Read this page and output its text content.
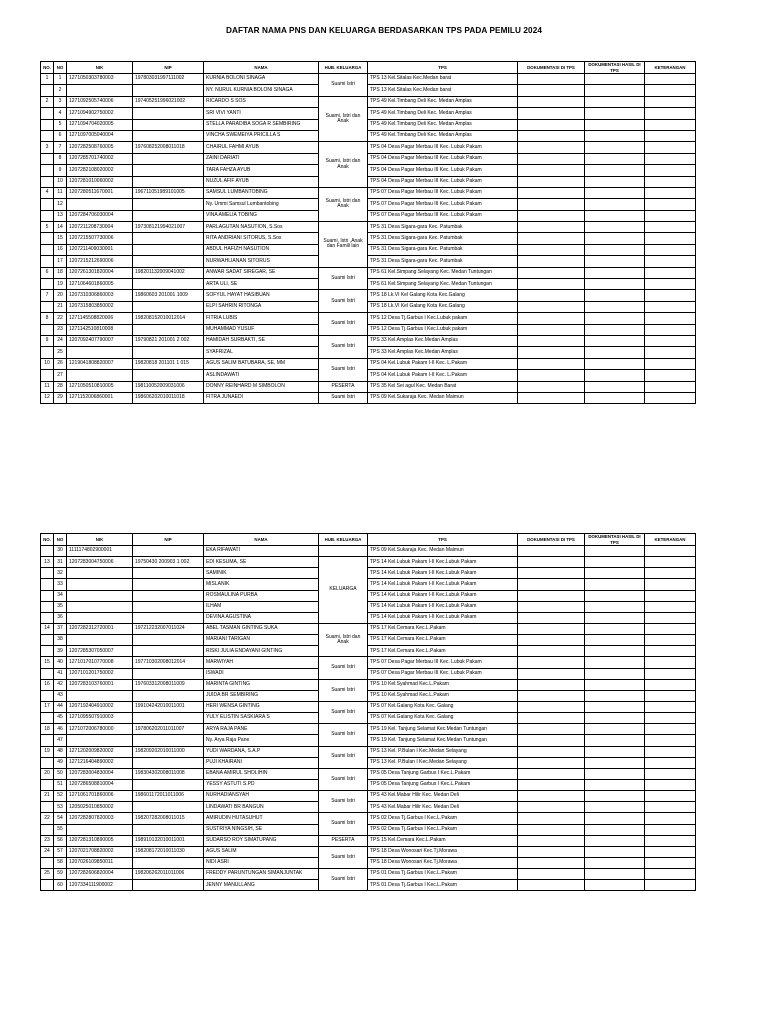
DAFTAR NAMA PNS DAN KELUARGA BERDASARKAN TPS PADA PEMILU 2024
NO.	NO	NIK	NIP	NAMA	HUB. KELUARGA	TPS	DOKUMENTASI DI TPS	DOKUMENTASI HASIL DI TPS	KETERANGAN
1	1	1271050303780003	197803031997111002	KURNIA BOLONI SINAGA	Suami Istri	TPS 13 Kel.Sitalas Kec.Medan barat			
	2			NY. NURUL KURNIA BOLONI SINAGA		TPS 13 Kel.Sitalas Kec.Medan barat			
2	3	1271092505740006	197405251996021002	RICARDO S SOS	Suami, Istri dan Anak	TPS 49 Kel.Timbang Deli Kec. Medan Amplas			
	4	1271094902750002		SRI VIVI YANTI		TPS 49 Kel.Timbang Deli Kec. Medan Amplas			
	5	1271094704020005		STELLA PARADIBA SOGA R SEMBIRING		TPS 49 Kel.Timbang Deli Kec. Medan Amplas			
	6	1271097005040004		VINCHA SWEMEIYA PRICILLA S		TPS 49 Kel.Timbang Deli Kec. Medan Amplas			
3	7	1207282508760005	197608252008011018	CHAIRUL FAHMI AYUB	Suami, Istri dan Anak	TPS 04 Desa Pagar Merbau III Kec. Lubuk Pakam			
	8	1207285701740002		ZAINI DARIATI		TPS 04 Desa Pagar Merbau III Kec. Lubuk Pakam			
	9	1207282108020002		TARA FAHZA AYUB		TPS 04 Desa Pagar Merbau III Kec. Lubuk Pakam			
	10	1207281010060002		NUZUL AFIF AYUB		TPS 04 Desa Pagar Merbau III Kec. Lubuk Pakam			
4	11	1207280511670001	196711051989101005	SAMSUL LUMBANTOBING	Suami, Istri dan Anak	TPS 07 Desa Pagar Merbau III Kec. Lubuk Pakam			
	12			Ny. Ummi Samsul Lumbantobing		TPS 07 Desa Pagar Merbau III Kec. Lubuk Pakam			
	13	1207284706030004		VINA AMELIA TOBING		TPS 07 Desa Pagar Merbau III Kec. Lubuk Pakam			
5	14	1207211208730004	197308121994021007	PARLAGUTAN NASUTION, S.Sos	Suami, Istri ,Anak dan Famili lain	TPS 31 Desa Sigara-gara Kec. Patumbak			
	15	1207215507730006		RITA ANDRIANI SITORUS, S.Sos		TPS 31 Desa Sigara-gara Kec. Patumbak			
	16	1207211409030001		ABDUL HAFIZH NASUTION		TPS 31 Desa Sigara-gara Kec. Patumbak			
	17	1207215212690006		NURWAHLIANAN SITORUS		TPS 31 Desa Sigara-gara Kec. Patumbak			
6	18	1207261301820004	198201132009041002	ANWAR SADAT SIREGAR, SE	Suami Istri	TPS 61 Kel.Simpang Selayang Kec. Medan Tuntungan			
	19	1271064601860005		ARTA ULI, SE		TPS 61 Kel.Simpang Selayang Kec. Medan Tuntungan			
7	20	1207310306860003	19860603 201001 1009	SOFYUL HAYAT HASIBUAN	Suami Istri	TPS 18 Lk.VI Kel Galang Kota Kec.Galang			
	21	1207315803850002		ELPI SAHRIN RITONGA		TPS 18 Lk.VI Kel Galang Kota Kec.Galang			
8	22	1271145508820006	198208152010012014	FITRIA LUBIS	Suami Istri	TPS 12 Desa Tj.Garbus I Kec.Lubuk pakam			
	23	1271142510810008		MUHAMMAD YUSUF		TPS 12 Desa Tj.Garbus I Kec.Lubuk pakam			
9	24	1207092407790007	19790821 201001 2 002	HAMIDAH SURBAKTI, SE	Suami Istri	TPS 33 Kel.Amplas Kec.Medan Amplas			
	25			SYAFRIZAL		TPS 33 Kel.Amplas Kec.Medan Amplas			
10	26	1219041808820007	19820818 201101 1 015	AGUS SALIM BATUBARA, SE, MM	Suami Istri	TPS 04 Kel.Lubuk Pakam I-II Kec. L.Pakam			
	27			ASLINDAWATI		TPS 04 Kel.Lubuk Pakam I-II Kec. L.Pakam			
11	28	1271050510810005	198110052009031006	DONNY REINHARD M SIMBOLON	PESERTA	TPS 35 Kel Sei agul Kec. Medan Barat			
12	29	1271152006860001	198606202010011018	FITRA JUNAEDI	Suami Istri	TPS 09 Kel.Sukaraja Kec. Medan Maimun			
NO.	NO	NIK	NIP	NAMA	HUB. KELUARGA	TPS	DOKUMENTASI DI TPS	DOKUMENTASI HASIL DI TPS	KETERANGAN
	30	1111174802900001		EKA RIFAWATI		TPS 09 Kel.Sukaraja Kec. Medan Maimun			
13	31	1207283004750006	19750430 200903 1 002	EDI KESUMA, SE	KELUARGA	TPS 14 Kel.Lubuk Pakam I-II Kec.Lubuk Pakam			
	32			SAMINIK		TPS 14 Kel.Lubuk Pakam I-II Kec.Lubuk Pakam			
	33			MISLANIK		TPS 14 Kel.Lubuk Pakam I-II Kec.Lubuk Pakam			
	34			ROSMAULINA PURBA		TPS 14 Kel.Lubuk Pakam I-II Kec.Lubuk Pakam			
	35			ILHAM		TPS 14 Kel.Lubuk Pakam I-II Kec.Lubuk Pakam			
	36			DEVINA AGUSTINA		TPS 14 Kel.Lubuk Pakam I-II Kec.Lubuk Pakam			
14	37	1207282312720001	197212232007011024	ABEL TASMAN GINTING SUKA	Suami, Istri dan Anak	TPS 17 Kel.Cemara Kec.L.Pakam			
	38			MARIANI TARIGAN		TPS 17 Kel.Cemara Kec.L.Pakam			
	39	1207285307050007		RISKI JULIA ENDAYANI GINTING		TPS 17 Kel.Cemara Kec.L.Pakam			
15	40	1271017010770008	197710302008012014	MARWIYAH	Suami Istri	TPS 07 Desa Pagar Merbau III Kec. Lubuk Pakam			
	41	1207101201750002		ISWADI		TPS 07 Desa Pagar Merbau III Kec. Lubuk Pakam			
16	42	1207283103760001	197603312008011009	MARINTA GINTING	Suami Istri	TPS 10 Kel.Syahmad Kec.L.Pakam			
	43			JUIDA BR SEMBIRING		TPS 10 Kel.Syahmad Kec.L.Pakam			
17	44	1207192404910002	199104242010011001	HERI WENSA GINTING	Suami Istri	TPS 07 Kel.Galang Kota Kec. Galang			
	45	1271095507910003		YULY ELISTIN SASKIARA S		TPS 07 Kel.Galang Kota Kec. Galang			
18	46	1271072006780000	197806202011011007	ARYA RAJA PANE	Suami Istri	TPS 19 Kel. Tanjung Selamat Kec.Medan Tuntungan			
	47			Ny. Arya Raja Pane		TPS 19 Kel. Tanjung Selamat Kec.Medan Tuntungan			
19	48	1271202009820002	198209202010011000	YUDI WARDANA, S.A.P	Suami Istri	TPS 13 Kel. P.Bulan I Kec.Medan Selayang			
	49	1271216404890002		PUJI KHAIRANI		TPS 13 Kel. P.Bulan I Kec.Medan Selayang			
20	50	1207283004830004	198304302008011008	EBANA AMIRUL SHOLIHIN	Suami Istri	TPS 05 Desa Tanjung Garbus I Kec.L.Pakam			
	51	1207286508810004		YESSY ASTUTI S.PD		TPS 05 Desa Tanjung Garbus I Kec.L.Pakam			
21	52	1271061701860006	198601172011011006	NURHADIANSYAH	Suami Istri	TPS 43 Kel.Mabar Hilir Kec. Medan Deli			
	53	1205025010850002		LINDAWATI BR BANGUN		TPS 43 Kel.Mabar Hilir Kec. Medan Deli			
22	54	1207282807820003	198207282008011015	AMIRUDIN HUTASUHUT	Suami Istri	TPS 02 Desa Tj.Garbus I Kec.L.Pakam			
	55			SUSTRIYA NINGSIH, SE		TPS 02 Desa Tj.Garbus I Kec.L.Pakam			
23	56	1207281310890005	198910132010011001	SUDARSO ROY SIMATUPANG	PESERTA	TPS 15 Kel.Cemara Kec.L.Pakam			
24	57	1207021708820002	198208172010011030	AGUS SALIM	Suami Istri	TPS 18 Desa Wonosari Kec.Tj.Morawa			
	58	1207026109850011		NIDI ASRI		TPS 18 Desa Wonosari Kec.Tj.Morawa			
25	59	1207282606820004	198206262011011006	FREDDY PARUNTUNGAN SIMANJUNTAK	Suami Istri	TPS 01 Desa Tj.Garbus I Kec.L.Pakam			
	60	1207334111900002		JENNY MANULLANG		TPS 01 Desa Tj.Garbus I Kec.L.Pakam			
